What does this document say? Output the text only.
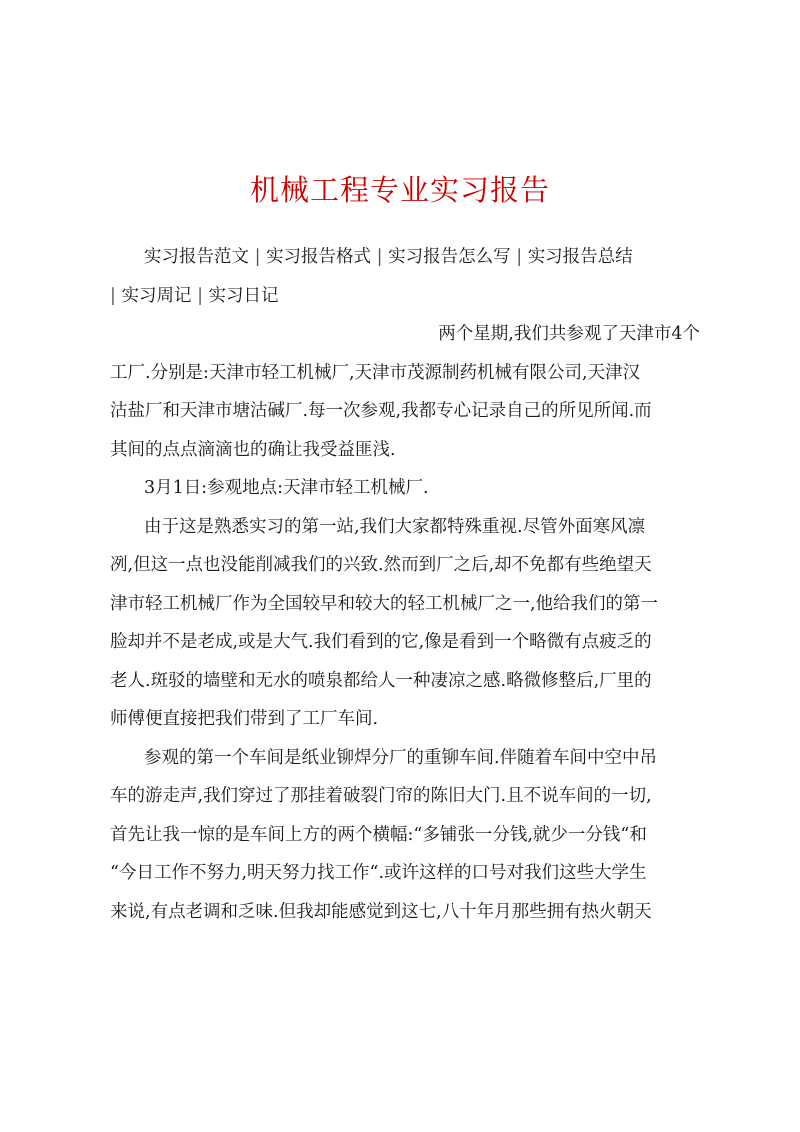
机械工程专业实习报告
实习报告范文 | 实习报告格式 | 实习报告怎么写 | 实习报告总结
| 实习周记 | 实习日记
两个星期,我们共参观了天津市4个
工厂.分别是:天津市轻工机械厂,天津市茂源制药机械有限公司,天津汉
沽盐厂和天津市塘沽碱厂.每一次参观,我都专心记录自己的所见所闻.而
其间的点点滴滴也的确让我受益匪浅.
3月1日:参观地点:天津市轻工机械厂.
由于这是熟悉实习的第一站,我们大家都特殊重视.尽管外面寒风凛
冽,但这一点也没能削减我们的兴致.然而到厂之后,却不免都有些绝望天
津市轻工机械厂作为全国较早和较大的轻工机械厂之一,他给我们的第一
脸却并不是老成,或是大气.我们看到的它,像是看到一个略微有点疲乏的
老人.斑驳的墙壁和无水的喷泉都给人一种凄凉之感.略微修整后,厂里的
师傅便直接把我们带到了工厂车间.
参观的第一个车间是纸业铆焊分厂的重铆车间.伴随着车间中空中吊
车的游走声,我们穿过了那挂着破裂门帘的陈旧大门.且不说车间的一切,
首先让我一惊的是车间上方的两个横幅:“多铺张一分钱,就少一分钱“和
“今日工作不努力,明天努力找工作“.或许这样的口号对我们这些大学生
来说,有点老调和乏味.但我却能感觉到这七,八十年月那些拥有热火朝天
